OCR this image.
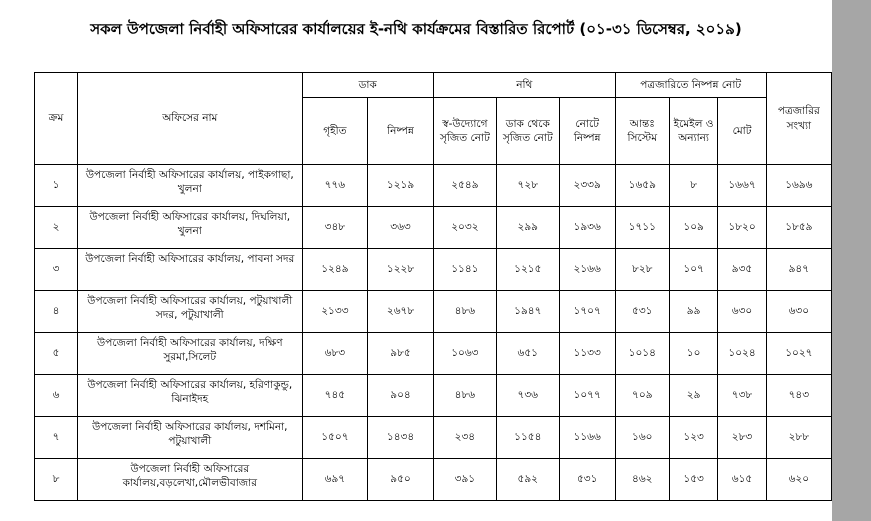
সকল উপজেলা নির্বাহী অফিসারের কার্যালয়ের ই-নথি কার্যক্রমের বিস্তারিত রিপোর্ট (০১-৩১ ডিসেম্বর, ২০১৯)
ক্রম	অফিসের নাম	ডাক		নথি			পত্রজারিতে নিষ্পন্ন নোট			পত্রজারির সংখ্যা
		গৃহীত	নিষ্পন্ন	স্ব-উদ্যোগে সৃজিত নোট	ডাক থেকে সৃজিত নোট	নোটে নিষ্পন্ন	আন্তঃ সিস্টেম	ইমেইল ও অন্যান্য	মোট	
১	উপজেলা নির্বাহী অফিসারের কার্যালয়, পাইকগাছা, খুলনা	৭৭৬	১২১৯	২৫৪৯	৭২৮	২৩৩৯	১৬৫৯	৮	১৬৬৭	১৬৯৬
২	উপজেলা নির্বাহী অফিসারের কার্যালয়, দিঘলিয়া, খুলনা	৩৪৮	৩৬৩	২০৩২	২৯৯	১৯৩৬	১৭১১	১০৯	১৮২০	১৮৫৯
৩	উপজেলা নির্বাহী অফিসারের কার্যালয়, পাবনা সদর	১২৪৯	১২২৮	১১৪১	১২১৫	২১৬৬	৮২৮	১০৭	৯৩৫	৯৪৭
৪	উপজেলা নির্বাহী অফিসারের কার্যালয়, পটুয়াখালী সদর, পটুয়াখালী	২১৩৩	২৬৭৮	৪৮৬	১৯৪৭	১৭০৭	৫৩১	৯৯	৬৩০	৬৩০
৫	উপজেলা নির্বাহী অফিসারের কার্যালয়, দক্ষিণ সুরমা,সিলেট	৬৮৩	৯৮৫	১০৬৩	৬৫১	১১৩৩	১০১৪	১০	১০২৪	১০২৭
৬	উপজেলা নির্বাহী অফিসারের কার্যালয়, হরিণাকুন্ডু, ঝিনাইদহ	৭৪৫	৯০৪	৪৮৬	৭৩৬	১০৭৭	৭০৯	২৯	৭৩৮	৭৪৩
৭	উপজেলা নির্বাহী অফিসারের কার্যালয়, দশমিনা, পটুয়াখালী	১৫০৭	১৪৩৪	২৩৪	১১৫৪	১১৬৬	১৬০	১২৩	২৮৩	২৮৮
৮	উপজেলা নির্বাহী অফিসারের কার্যালয়,বড়লেখা,মৌলভীবাজার	৬৯৭	৯৫০	৩৯১	৫৯২	৫৩১	৪৬২	১৫৩	৬১৫	৬২০
